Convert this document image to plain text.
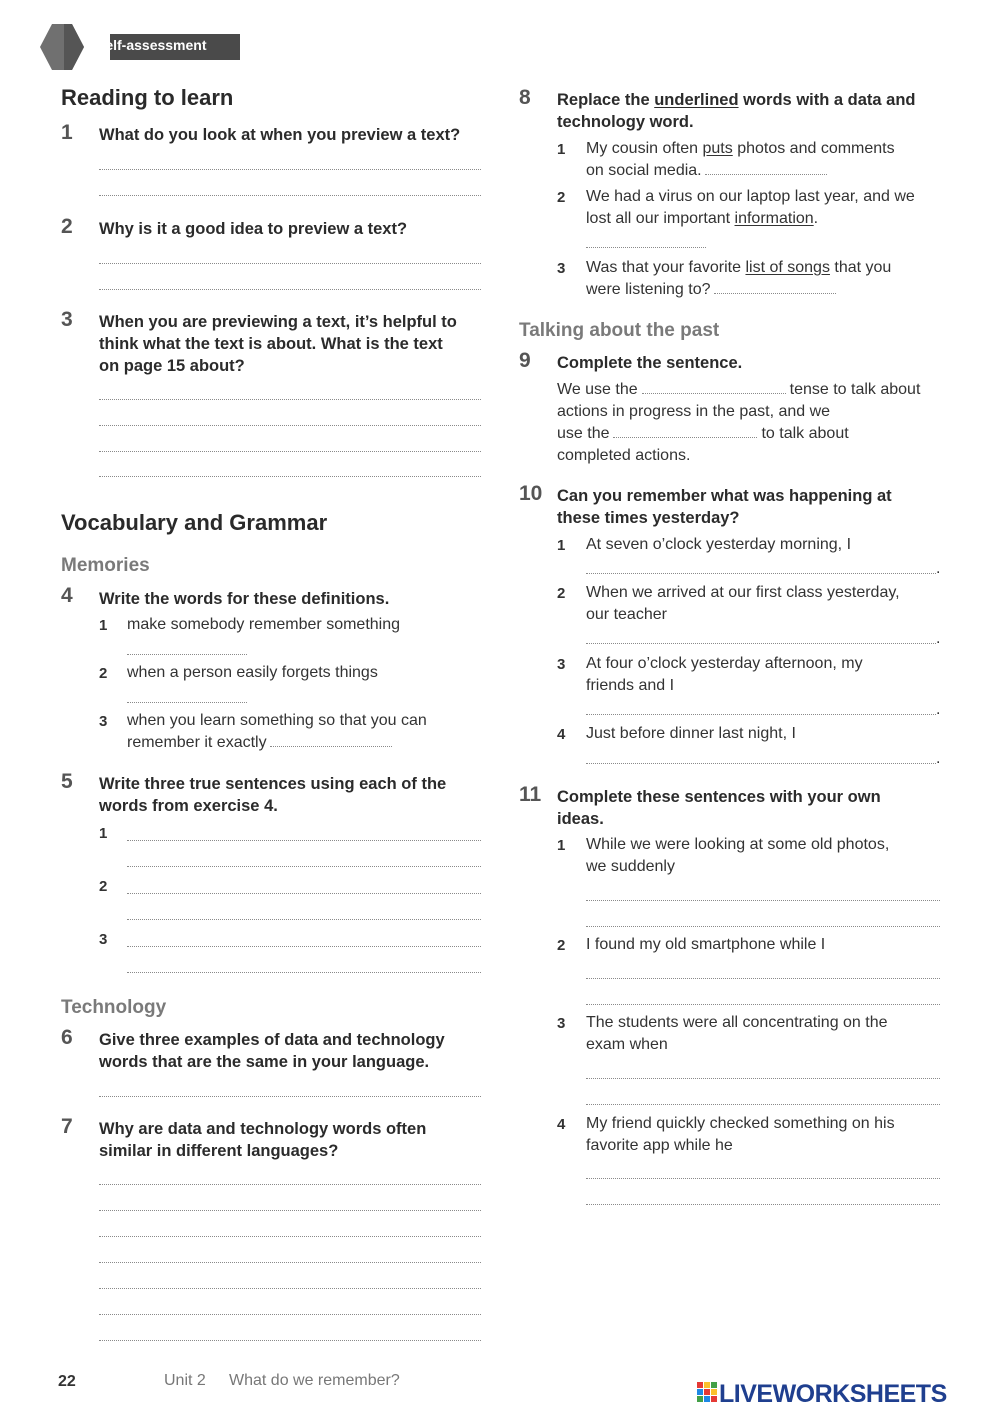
Self-assessment
Reading to learn
1 What do you look at when you preview a text?
2 Why is it a good idea to preview a text?
3 When you are previewing a text, it’s helpful to
think what the text is about. What is the text
on page 15 about?
Vocabulary and Grammar
Memories
4 Write the words for these definitions.
1 make somebody remember something
2 when a person easily forgets things
3 when you learn something so that you can
remember it exactly
5 Write three true sentences using each of the
words from exercise 4.
1
2
3
Technology
6 Give three examples of data and technology
words that are the same in your language.
7 Why are data and technology words often
similar in different languages?
8 Replace the underlined words with a data and
technology word.
1 My cousin often puts photos and comments
on social media.
2 We had a virus on our laptop last year, and we
lost all our important information.
3 Was that your favorite list of songs that you
were listening to?
Talking about the past
9 Complete the sentence.
We use the	tense to talk about
actions in progress in the past, and we
use the	to talk about
completed actions.
10 Can you remember what was happening at
these times yesterday?
1 At seven o’clock yesterday morning, I
.
2 When we arrived at our first class yesterday,
our teacher
.
3 At four o’clock yesterday afternoon, my
friends and I
.
4 Just before dinner last night, I
.
11 Complete these sentences with your own
ideas.
1 While we were looking at some old photos,
we suddenly
2 I found my old smartphone while I
3 The students were all concentrating on the
exam when
4 My friend quickly checked something on his
favorite app while he
22	Unit 2 What do we remember?	LIVEWORKSHEETS
